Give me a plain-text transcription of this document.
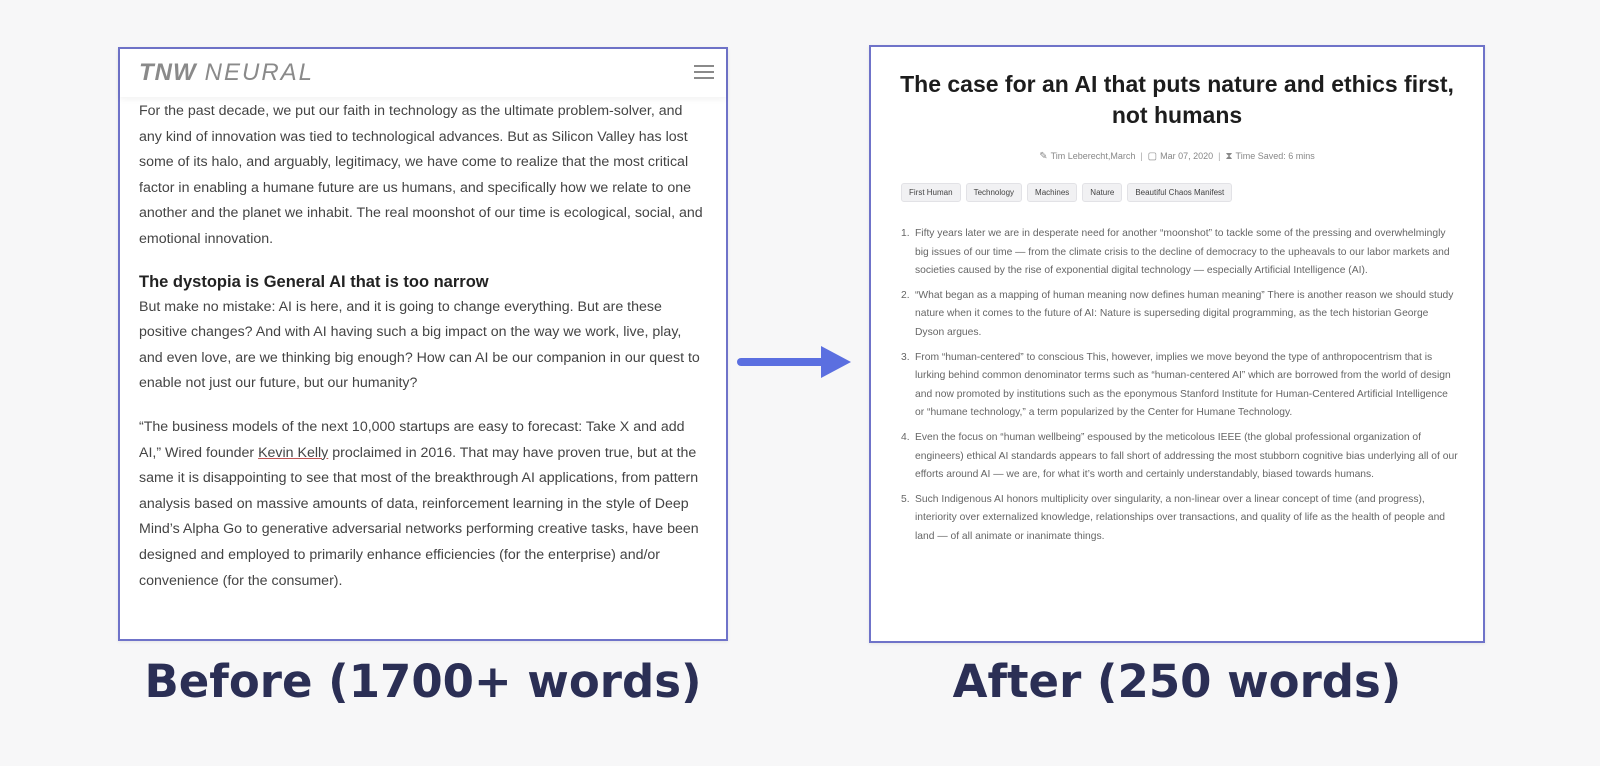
TNW NEURAL

For the past decade, we put our faith in technology as the ultimate problem-solver, and any kind of innovation was tied to technological advances. But as Silicon Valley has lost some of its halo, and arguably, legitimacy, we have come to realize that the most critical factor in enabling a humane future are us humans, and specifically how we relate to one another and the planet we inhabit. The real moonshot of our time is ecological, social, and emotional innovation.

The dystopia is General AI that is too narrow

But make no mistake: AI is here, and it is going to change everything. But are these positive changes? And with AI having such a big impact on the way we work, live, play, and even love, are we thinking big enough? How can AI be our companion in our quest to enable not just our future, but our humanity?

“The business models of the next 10,000 startups are easy to forecast: Take X and add AI,” Wired founder Kevin Kelly proclaimed in 2016. That may have proven true, but at the same it is disappointing to see that most of the breakthrough AI applications, from pattern analysis based on massive amounts of data, reinforcement learning in the style of Deep Mind’s Alpha Go to generative adversarial networks performing creative tasks, have been designed and employed to primarily enhance efficiencies (for the enterprise) and/or convenience (for the consumer).

The case for an AI that puts nature and ethics first, not humans
✎ Tim Leberecht,March | ▢ Mar 07, 2020 | ⧗ Time Saved: 6 mins
First Human	Technology	Machines	Nature	Beautiful Chaos Manifest
1. Fifty years later we are in desperate need for another “moonshot” to tackle some of the pressing and overwhelmingly big issues of our time — from the climate crisis to the decline of democracy to the upheavals to our labor markets and societies caused by the rise of exponential digital technology — especially Artificial Intelligence (AI).
2. “What began as a mapping of human meaning now defines human meaning” There is another reason we should study nature when it comes to the future of AI: Nature is superseding digital programming, as the tech historian George Dyson argues.
3. From “human-centered” to conscious This, however, implies we move beyond the type of anthropocentrism that is lurking behind common denominator terms such as “human-centered AI” which are borrowed from the world of design and now promoted by institutions such as the eponymous Stanford Institute for Human-Centered Artificial Intelligence or “humane technology,” a term popularized by the Center for Humane Technology.
4. Even the focus on “human wellbeing” espoused by the meticolous IEEE (the global professional organization of engineers) ethical AI standards appears to fall short of addressing the most stubborn cognitive bias underlying all of our efforts around AI — we are, for what it’s worth and certainly understandably, biased towards humans.
5. Such Indigenous AI honors multiplicity over singularity, a non-linear over a linear concept of time (and progress), interiority over externalized knowledge, relationships over transactions, and quality of life as the health of people and land — of all animate or inanimate things.
Before (1700+ words)	After (250 words)
